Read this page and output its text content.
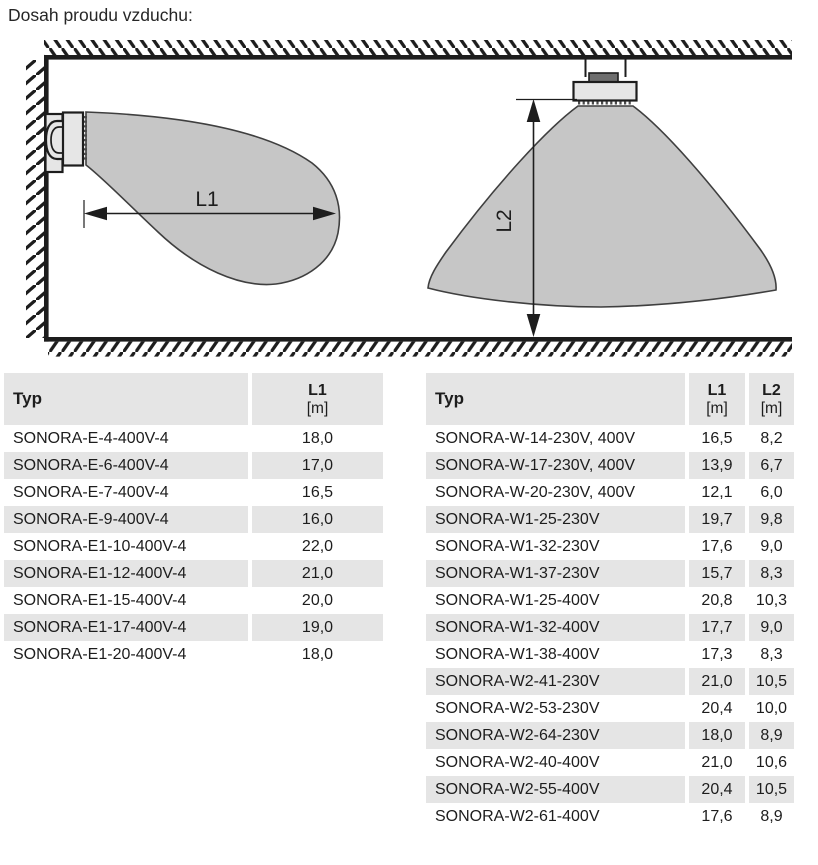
Dosah proudu vzduchu:
L1
L2
Typ	L1
[m]

SONORA-E-4-400V-4	18,0
SONORA-E-6-400V-4	17,0
SONORA-E-7-400V-4	16,5
SONORA-E-9-400V-4	16,0
SONORA-E1-10-400V-4	22,0
SONORA-E1-12-400V-4	21,0
SONORA-E1-15-400V-4	20,0
SONORA-E1-17-400V-4	19,0
SONORA-E1-20-400V-4	18,0
Typ	L1
[m]

L2
[m]

SONORA-W-14-230V, 400V	16,5	8,2
SONORA-W-17-230V, 400V	13,9	6,7
SONORA-W-20-230V, 400V	12,1	6,0
SONORA-W1-25-230V	19,7	9,8
SONORA-W1-32-230V	17,6	9,0
SONORA-W1-37-230V	15,7	8,3
SONORA-W1-25-400V	20,8	10,3
SONORA-W1-32-400V	17,7	9,0
SONORA-W1-38-400V	17,3	8,3
SONORA-W2-41-230V	21,0	10,5
SONORA-W2-53-230V	20,4	10,0
SONORA-W2-64-230V	18,0	8,9
SONORA-W2-40-400V	21,0	10,6
SONORA-W2-55-400V	20,4	10,5
SONORA-W2-61-400V	17,6	8,9
